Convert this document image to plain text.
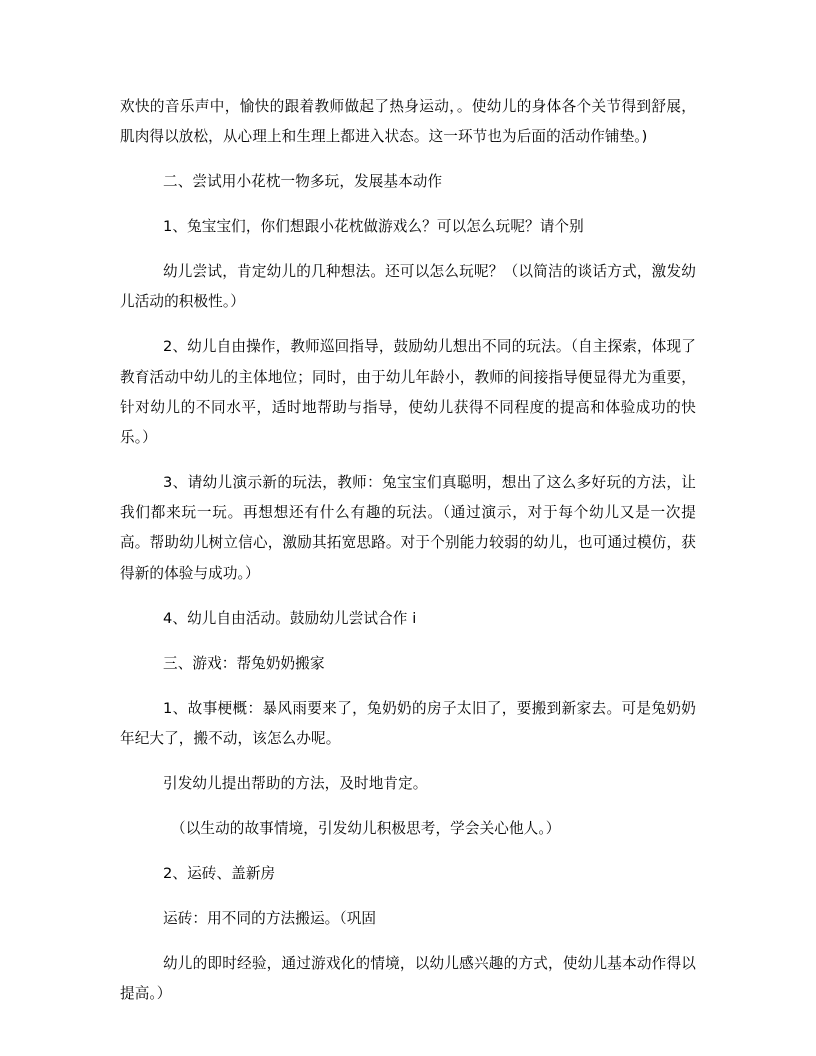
欢快的音乐声中，愉快的跟着教师做起了热身运动，。使幼儿的身体各个关节得到舒展，肌肉得以放松，从心理上和生理上都进入状态。这一环节也为后面的活动作铺垫。)

二、尝试用小花枕一物多玩，发展基本动作

1、兔宝宝们，你们想跟小花枕做游戏么？可以怎么玩呢？请个别

幼儿尝试，肯定幼儿的几种想法。还可以怎么玩呢？（以简洁的谈话方式，激发幼儿活动的积极性。）

2、幼儿自由操作，教师巡回指导，鼓励幼儿想出不同的玩法。（自主探索，体现了教育活动中幼儿的主体地位；同时，由于幼儿年龄小，教师的间接指导便显得尤为重要，针对幼儿的不同水平，适时地帮助与指导，使幼儿获得不同程度的提高和体验成功的快乐。）

3、请幼儿演示新的玩法，教师：兔宝宝们真聪明，想出了这么多好玩的方法，让我们都来玩一玩。再想想还有什么有趣的玩法。（通过演示，对于每个幼儿又是一次提高。帮助幼儿树立信心，激励其拓宽思路。对于个别能力较弱的幼儿，也可通过模仿，获得新的体验与成功。）

4、幼儿自由活动。鼓励幼儿尝试合作 i

三、游戏：帮兔奶奶搬家

1、故事梗概：暴风雨要来了，兔奶奶的房子太旧了，要搬到新家去。可是兔奶奶年纪大了，搬不动，该怎么办呢。

引发幼儿提出帮助的方法，及时地肯定。

（以生动的故事情境，引发幼儿积极思考，学会关心他人。）

2、运砖、盖新房

运砖：用不同的方法搬运。（巩固

幼儿的即时经验，通过游戏化的情境，以幼儿感兴趣的方式，使幼儿基本动作得以提高。）
